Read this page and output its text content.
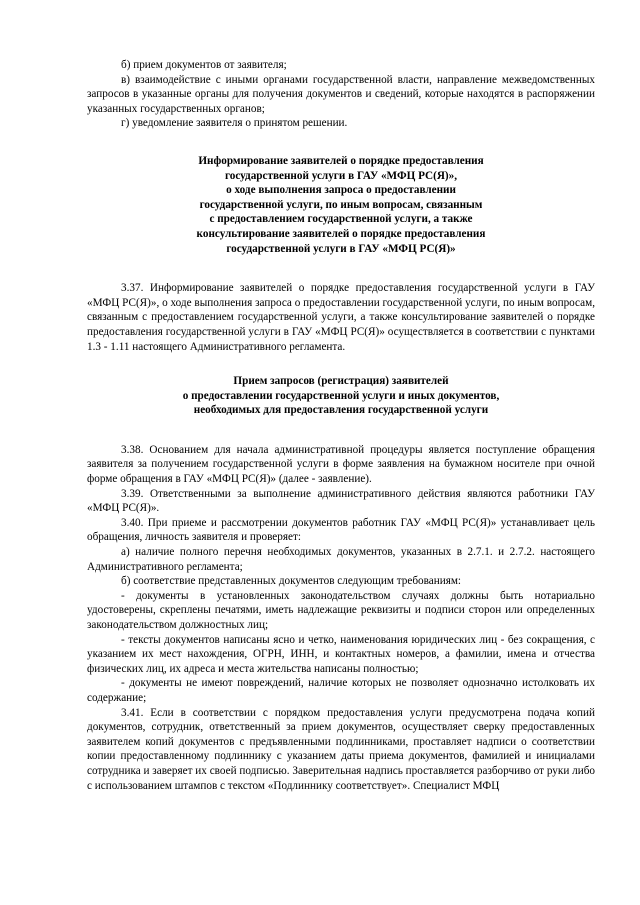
б) прием документов от заявителя;

в) взаимодействие с иными органами государственной власти, направление межведомственных запросов в указанные органы для получения документов и сведений, которые находятся в распоряжении указанных государственных органов;

г) уведомление заявителя о принятом решении.

Информирование заявителей о порядке предоставления

государственной услуги в ГАУ «МФЦ РС(Я)»,

о ходе выполнения запроса о предоставлении

государственной услуги, по иным вопросам, связанным

с предоставлением государственной услуги, а также

консультирование заявителей о порядке предоставления

государственной услуги в ГАУ «МФЦ РС(Я)»

3.37. Информирование заявителей о порядке предоставления государственной услуги в ГАУ «МФЦ РС(Я)», о ходе выполнения запроса о предоставлении государственной услуги, по иным вопросам, связанным с предоставлением государственной услуги, а также консультирование заявителей о порядке предоставления государственной услуги в ГАУ «МФЦ РС(Я)» осуществляется в соответствии с пунктами 1.3 - 1.11 настоящего Административного регламента.

Прием запросов (регистрация) заявителей

о предоставлении государственной услуги и иных документов,

необходимых для предоставления государственной услуги

3.38. Основанием для начала административной процедуры является поступление обращения заявителя за получением государственной услуги в форме заявления на бумажном носителе при очной форме обращения в ГАУ «МФЦ РС(Я)» (далее - заявление).

3.39. Ответственными за выполнение административного действия являются работники ГАУ «МФЦ РС(Я)».

3.40. При приеме и рассмотрении документов работник ГАУ «МФЦ РС(Я)» устанавливает цель обращения, личность заявителя и проверяет:

а) наличие полного перечня необходимых документов, указанных в 2.7.1. и 2.7.2. настоящего Административного регламента;

б) соответствие представленных документов следующим требованиям:

- документы в установленных законодательством случаях должны быть нотариально удостоверены, скреплены печатями, иметь надлежащие реквизиты и подписи сторон или определенных законодательством должностных лиц;

- тексты документов написаны ясно и четко, наименования юридических лиц - без сокращения, с указанием их мест нахождения, ОГРН, ИНН, и контактных номеров, а фамилии, имена и отчества физических лиц, их адреса и места жительства написаны полностью;

- документы не имеют повреждений, наличие которых не позволяет однозначно истолковать их содержание;

3.41. Если в соответствии с порядком предоставления услуги предусмотрена подача копий документов, сотрудник, ответственный за прием документов, осуществляет сверку предоставленных заявителем копий документов с предъявленными подлинниками, проставляет надписи о соответствии копии предоставленному подлиннику с указанием даты приема документов, фамилией и инициалами сотрудника и заверяет их своей подписью. Заверительная надпись проставляется разборчиво от руки либо с использованием штампов с текстом «Подлиннику соответствует». Специалист МФЦ
